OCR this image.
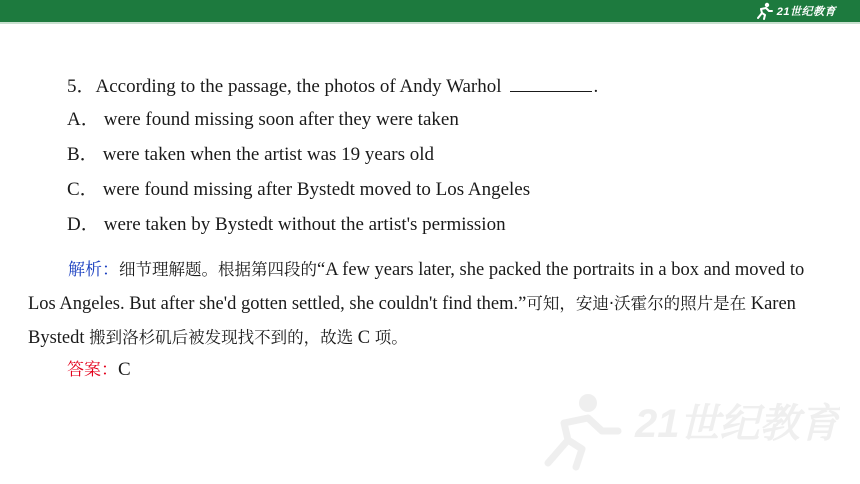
21世纪教育
5．According to the passage, the photos of Andy Warhol	.
A． were found missing soon after they were taken
B． were taken when the artist was 19 years old
C． were found missing after Bystedt moved to Los Angeles
D． were taken by Bystedt without the artist's permission
解析：细节理解题。根据第四段的“A few years later, she packed the portraits in a box and moved to Los Angeles. But after she'd gotten settled, she couldn't find them.”可知，安迪·沃霍尔的照片是在 Karen Bystedt 搬到洛杉矶后被发现找不到的，故选 C 项。
答案：C
21世纪教育
